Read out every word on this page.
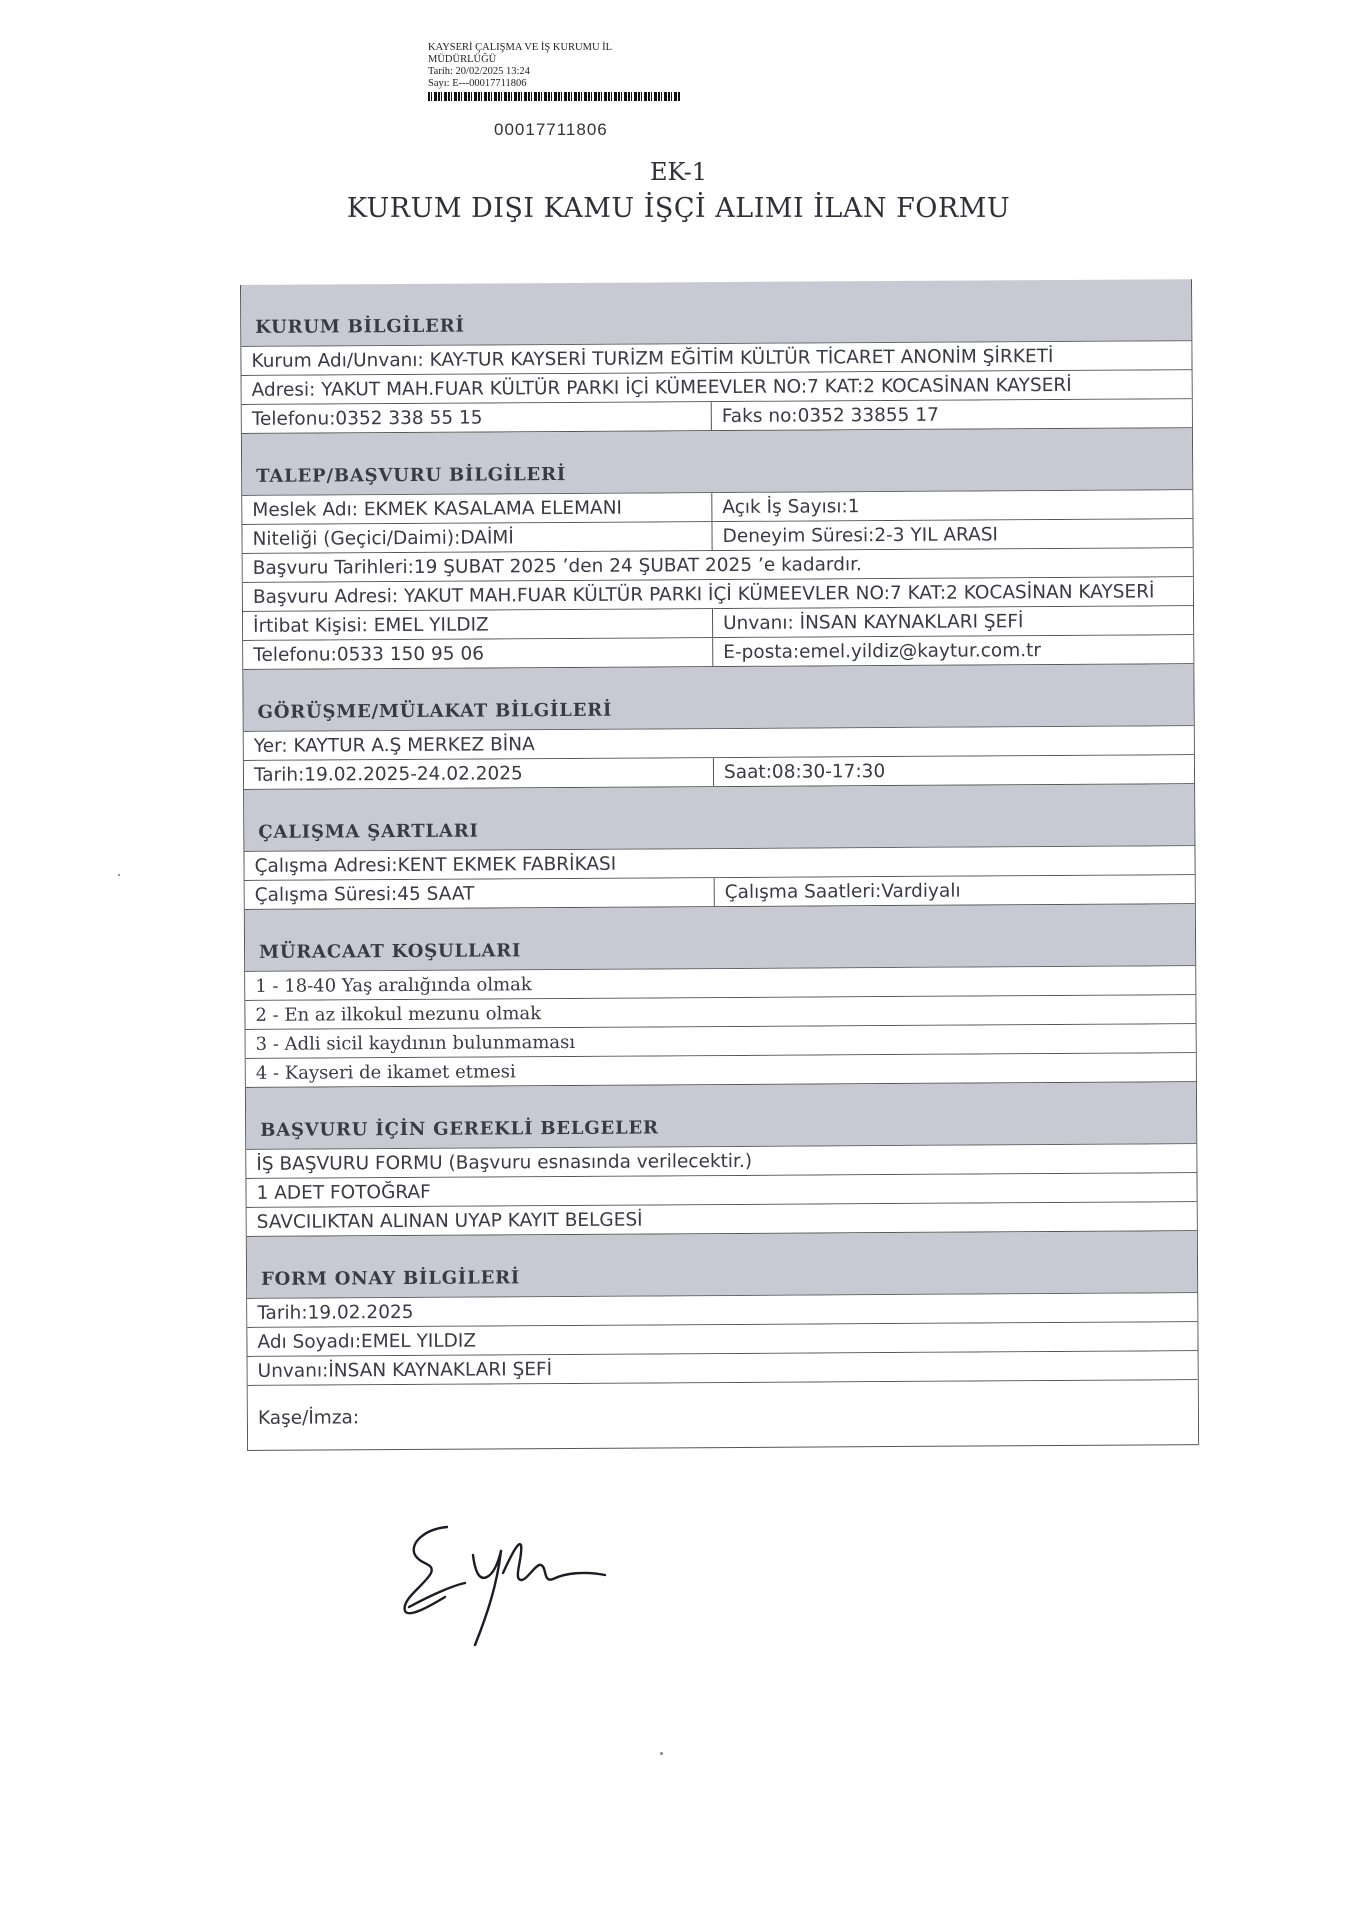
KAYSERİ ÇALIŞMA VE İŞ KURUMU İL
MÜDÜRLÜĞÜ
Tarih: 20/02/2025 13:24
Sayı: E---00017711806
00017711806
EK-1
KURUM DIŞI KAMU İŞÇİ ALIMI İLAN FORMU
KURUM BİLGİLERİ
Kurum Adı/Unvanı: KAY-TUR KAYSERİ TURİZM EĞİTİM KÜLTÜR TİCARET ANONİM ŞİRKETİ
Adresi: YAKUT MAH.FUAR KÜLTÜR PARKI İÇİ KÜMEEVLER NO:7 KAT:2 KOCASİNAN KAYSERİ
Telefonu:0352 338 55 15	Faks no:0352 33855 17
TALEP/BAŞVURU BİLGİLERİ
Meslek Adı: EKMEK KASALAMA ELEMANI	Açık İş Sayısı:1
Niteliği (Geçici/Daimi):DAİMİ	Deneyim Süresi:2-3 YIL ARASI
Başvuru Tarihleri:19 ŞUBAT 2025 ’den 24 ŞUBAT 2025 ’e kadardır.
Başvuru Adresi: YAKUT MAH.FUAR KÜLTÜR PARKI İÇİ KÜMEEVLER NO:7 KAT:2 KOCASİNAN KAYSERİ
İrtibat Kişisi: EMEL YILDIZ	Unvanı: İNSAN KAYNAKLARI ŞEFİ
Telefonu:0533 150 95 06	E-posta:emel.yildiz@kaytur.com.tr
GÖRÜŞME/MÜLAKAT BİLGİLERİ
Yer: KAYTUR A.Ş MERKEZ BİNA
Tarih:19.02.2025-24.02.2025	Saat:08:30-17:30
ÇALIŞMA ŞARTLARI
Çalışma Adresi:KENT EKMEK FABRİKASI
Çalışma Süresi:45 SAAT	Çalışma Saatleri:Vardiyalı
MÜRACAAT KOŞULLARI
1 - 18-40 Yaş aralığında olmak
2 - En az ilkokul mezunu olmak
3 - Adli sicil kaydının bulunmaması
4 - Kayseri de ikamet etmesi
BAŞVURU İÇİN GEREKLİ BELGELER
İŞ BAŞVURU FORMU (Başvuru esnasında verilecektir.)
1 ADET FOTOĞRAF
SAVCILIKTAN ALINAN UYAP KAYIT BELGESİ
FORM ONAY BİLGİLERİ
Tarih:19.02.2025
Adı Soyadı:EMEL YILDIZ
Unvanı:İNSAN KAYNAKLARI ŞEFİ
Kaşe/İmza:
